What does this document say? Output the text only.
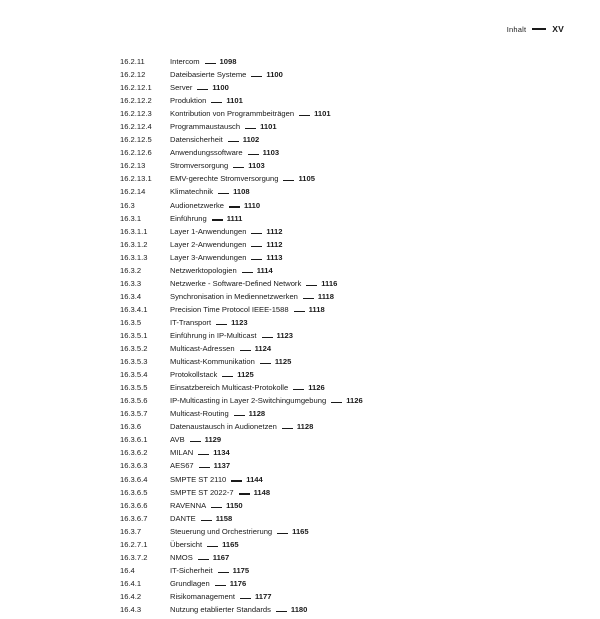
Inhalt	XV
16.2.11	Intercom	1098
16.2.12	Dateibasierte Systeme	1100
16.2.12.1	Server	1100
16.2.12.2	Produktion	1101
16.2.12.3	Kontribution von Programmbeiträgen	1101
16.2.12.4	Programmaustausch	1101
16.2.12.5	Datensicherheit	1102
16.2.12.6	Anwendungssoftware	1103
16.2.13	Stromversorgung	1103
16.2.13.1	EMV-gerechte Stromversorgung	1105
16.2.14	Klimatechnik	1108
16.3	Audionetzwerke	1110
16.3.1	Einführung	1111
16.3.1.1	Layer 1-Anwendungen	1112
16.3.1.2	Layer 2-Anwendungen	1112
16.3.1.3	Layer 3-Anwendungen	1113
16.3.2	Netzwerktopologien	1114
16.3.3	Netzwerke - Software-Defined Network	1116
16.3.4	Synchronisation in Mediennetzwerken	1118
16.3.4.1	Precision Time Protocol IEEE-1588	1118
16.3.5	IT-Transport	1123
16.3.5.1	Einführung in IP-Multicast	1123
16.3.5.2	Multicast-Adressen	1124
16.3.5.3	Multicast-Kommunikation	1125
16.3.5.4	Protokollstack	1125
16.3.5.5	Einsatzbereich Multicast-Protokolle	1126
16.3.5.6	IP-Multicasting in Layer 2-Switchingumgebung	1126
16.3.5.7	Multicast-Routing	1128
16.3.6	Datenaustausch in Audionetzen	1128
16.3.6.1	AVB	1129
16.3.6.2	MILAN	1134
16.3.6.3	AES67	1137
16.3.6.4	SMPTE ST 2110	1144
16.3.6.5	SMPTE ST 2022-7	1148
16.3.6.6	RAVENNA	1150
16.3.6.7	DANTE	1158
16.3.7	Steuerung und Orchestrierung	1165
16.2.7.1	Übersicht	1165
16.3.7.2	NMOS	1167
16.4	IT-Sicherheit	1175
16.4.1	Grundlagen	1176
16.4.2	Risikomanagement	1177
16.4.3	Nutzung etablierter Standards	1180
